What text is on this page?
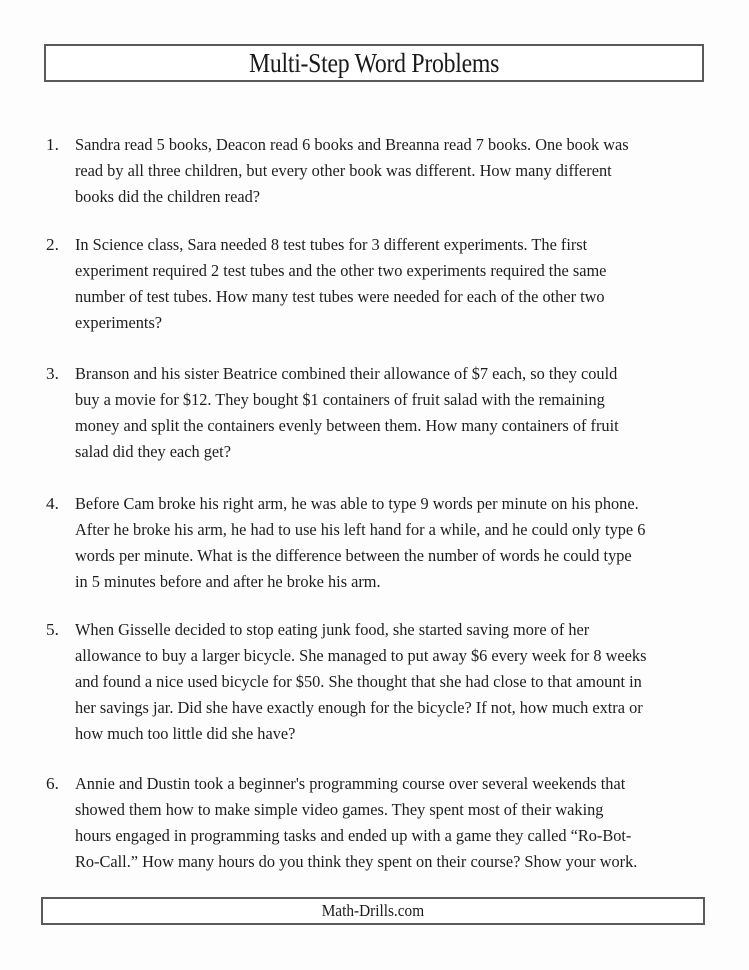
Multi-Step Word Problems
1. Sandra read 5 books, Deacon read 6 books and Breanna read 7 books. One book was
read by all three children, but every other book was different. How many different
books did the children read?
2. In Science class, Sara needed 8 test tubes for 3 different experiments. The first
experiment required 2 test tubes and the other two experiments required the same
number of test tubes. How many test tubes were needed for each of the other two
experiments?
3. Branson and his sister Beatrice combined their allowance of $7 each, so they could
buy a movie for $12. They bought $1 containers of fruit salad with the remaining
money and split the containers evenly between them. How many containers of fruit
salad did they each get?
4. Before Cam broke his right arm, he was able to type 9 words per minute on his phone.
After he broke his arm, he had to use his left hand for a while, and he could only type 6
words per minute. What is the difference between the number of words he could type
in 5 minutes before and after he broke his arm.
5. When Gisselle decided to stop eating junk food, she started saving more of her
allowance to buy a larger bicycle. She managed to put away $6 every week for 8 weeks
and found a nice used bicycle for $50. She thought that she had close to that amount in
her savings jar. Did she have exactly enough for the bicycle? If not, how much extra or
how much too little did she have?
6. Annie and Dustin took a beginner's programming course over several weekends that
showed them how to make simple video games. They spent most of their waking
hours engaged in programming tasks and ended up with a game they called “Ro-Bot-
Ro-Call.” How many hours do you think they spent on their course? Show your work.
Math-Drills.com
